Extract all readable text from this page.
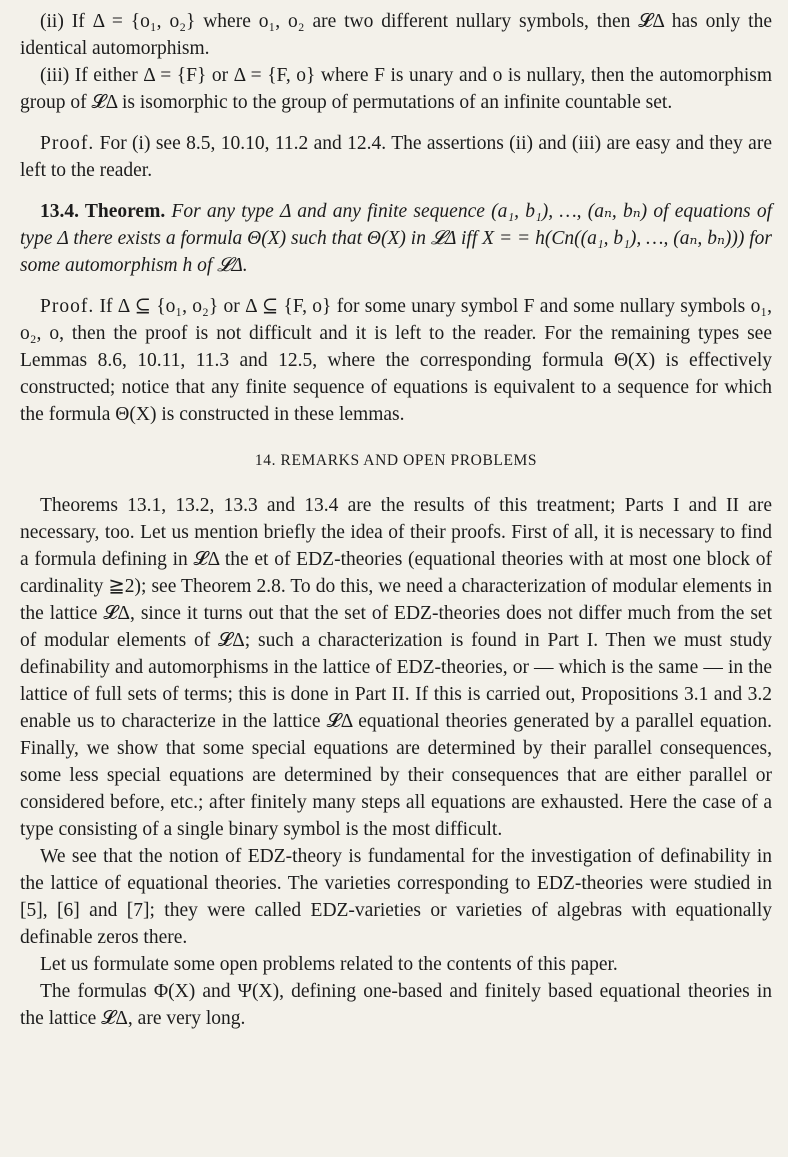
(ii) If Δ = {o₁, o₂} where o₁, o₂ are two different nullary symbols, then 𝓛Δ has only the identical automorphism.

(iii) If either Δ = {F} or Δ = {F, o} where F is unary and o is nullary, then the automorphism group of 𝓛Δ is isomorphic to the group of permutations of an infinite countable set.

Proof. For (i) see 8.5, 10.10, 11.2 and 12.4. The assertions (ii) and (iii) are easy and they are left to the reader.

13.4. Theorem. For any type Δ and any finite sequence (a₁, b₁), …, (aₙ, bₙ) of equations of type Δ there exists a formula Θ(X) such that Θ(X) in 𝓛Δ iff X = = h(Cn((a₁, b₁), …, (aₙ, bₙ))) for some automorphism h of 𝓛Δ.

Proof. If Δ ⊆ {o₁, o₂} or Δ ⊆ {F, o} for some unary symbol F and some nullary symbols o₁, o₂, o, then the proof is not difficult and it is left to the reader. For the remaining types see Lemmas 8.6, 10.11, 11.3 and 12.5, where the corresponding formula Θ(X) is effectively constructed; notice that any finite sequence of equations is equivalent to a sequence for which the formula Θ(X) is constructed in these lemmas.

14. REMARKS AND OPEN PROBLEMS

Theorems 13.1, 13.2, 13.3 and 13.4 are the results of this treatment; Parts I and II are necessary, too. Let us mention briefly the idea of their proofs. First of all, it is necessary to find a formula defining in 𝓛Δ the et of EDZ-theories (equational theories with at most one block of cardinality ≧2); see Theorem 2.8. To do this, we need a characterization of modular elements in the lattice 𝓛Δ, since it turns out that the set of EDZ-theories does not differ much from the set of modular elements of 𝓛Δ; such a characterization is found in Part I. Then we must study definability and automorphisms in the lattice of EDZ-theories, or — which is the same — in the lattice of full sets of terms; this is done in Part II. If this is carried out, Propositions 3.1 and 3.2 enable us to characterize in the lattice 𝓛Δ equational theories generated by a parallel equation. Finally, we show that some special equations are determined by their parallel consequences, some less special equations are determined by their consequences that are either parallel or considered before, etc.; after finitely many steps all equations are exhausted. Here the case of a type consisting of a single binary symbol is the most difficult.

We see that the notion of EDZ-theory is fundamental for the investigation of definability in the lattice of equational theories. The varieties corresponding to EDZ-theories were studied in [5], [6] and [7]; they were called EDZ-varieties or varieties of algebras with equationally definable zeros there.

Let us formulate some open problems related to the contents of this paper.

The formulas Φ(X) and Ψ(X), defining one-based and finitely based equational theories in the lattice 𝓛Δ, are very long.
